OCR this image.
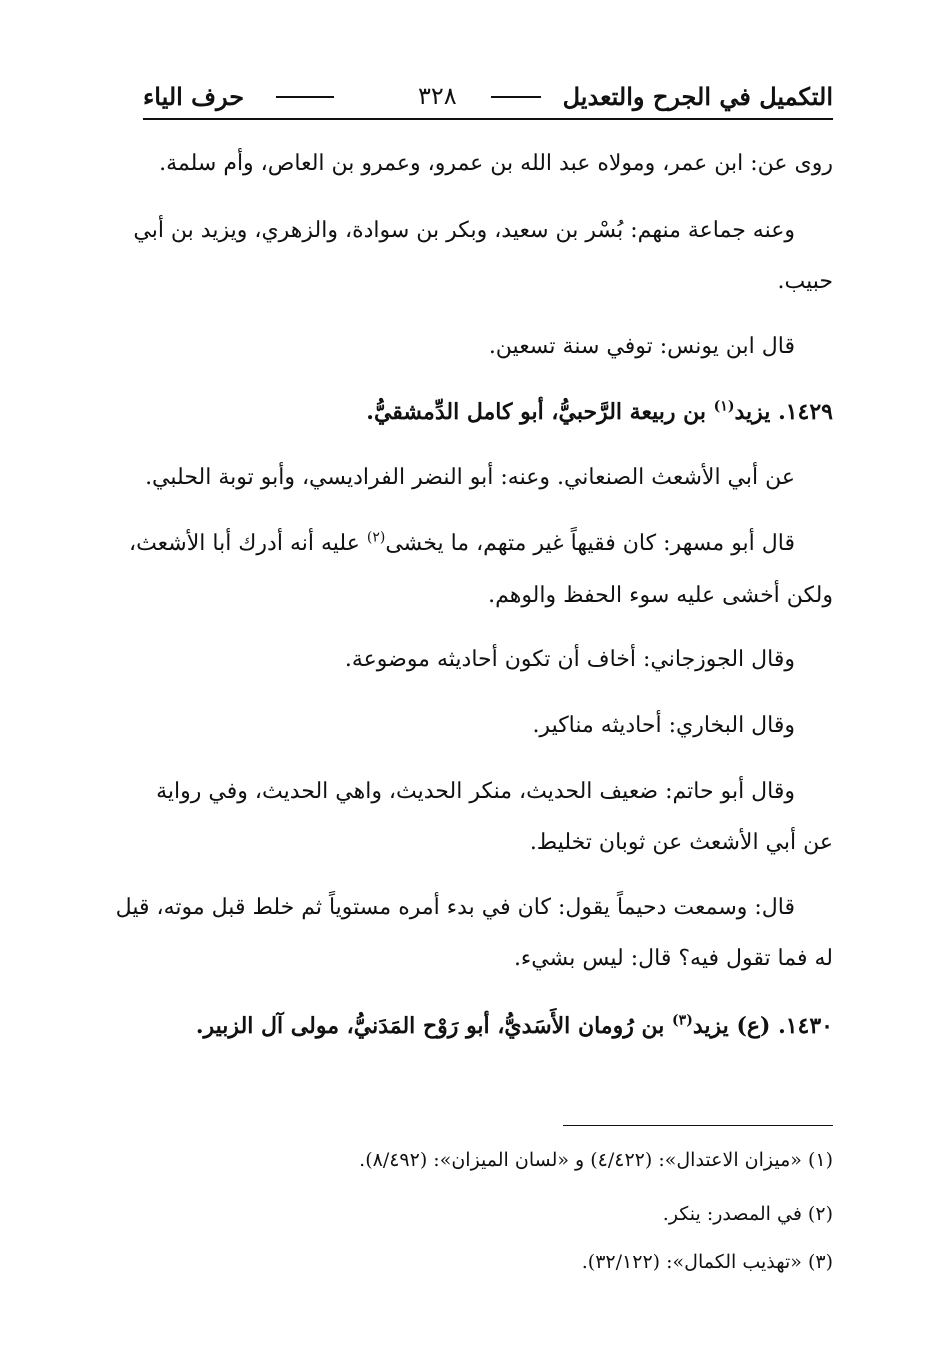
التكميل في الجرح والتعديل
٣٢٨
حرف الياء
روى عن: ابن عمر، ومولاه عبد الله بن عمرو، وعمرو بن العاص، وأم سلمة.
وعنه جماعة منهم: بُسْر بن سعيد، وبكر بن سوادة، والزهري، ويزيد بن أبي
حبيب.
قال ابن يونس: توفي سنة تسعين.
١٤٢٩. يزيد$^{(١)}$ بن ربيعة الرَّحبيُّ، أبو كامل الدِّمشقيُّ.
عن أبي الأشعث الصنعاني. وعنه: أبو النضر الفراديسي، وأبو توبة الحلبي.
قال أبو مسهر: كان فقيهاً غير متهم، ما يخشى$^{(٢)}$ عليه أنه أدرك أبا الأشعث،
ولكن أخشى عليه سوء الحفظ والوهم.
وقال الجوزجاني: أخاف أن تكون أحاديثه موضوعة.
وقال البخاري: أحاديثه مناكير.
وقال أبو حاتم: ضعيف الحديث، منكر الحديث، واهي الحديث، وفي رواية
عن أبي الأشعث عن ثوبان تخليط.
قال: وسمعت دحيماً يقول: كان في بدء أمره مستوياً ثم خلط قبل موته، قيل
له فما تقول فيه؟ قال: ليس بشيء.
١٤٣٠. (ع) يزيد$^{(٣)}$ بن رُومان الأَسَديُّ، أبو رَوْح المَدَنيُّ، مولى آل الزبير.
(١) «ميزان الاعتدال»: (٤/٤٢٢) و «لسان الميزان»: (٨/٤٩٢).
(٢) في المصدر: ينكر.
(٣) «تهذيب الكمال»: (٣٢/١٢٢).
